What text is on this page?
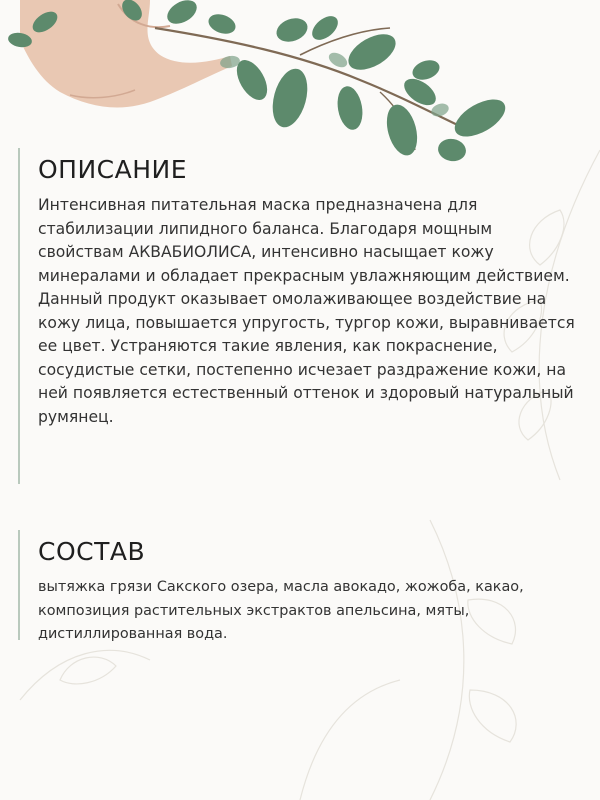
ОПИСАНИЕ

Интенсивная питательная маска предназначена для стабилизации липидного баланса. Благодаря мощным свойствам АКВАБИОЛИСА, интенсивно насыщает кожу минералами и обладает прекрасным увлажняющим действием. Данный продукт оказывает омолаживающее воздействие на кожу лица, повышается упругость, тургор кожи, выравнивается ее цвет. Устраняются такие явления, как покраснение, сосудистые сетки, постепенно исчезает раздражение кожи, на ней появляется естественный оттенок и здоровый натуральный румянец.

СОСТАВ

вытяжка грязи Сакского озера, масла авокадо, жожоба, какао, композиция растительных экстрактов апельсина, мяты, дистиллированная вода.
